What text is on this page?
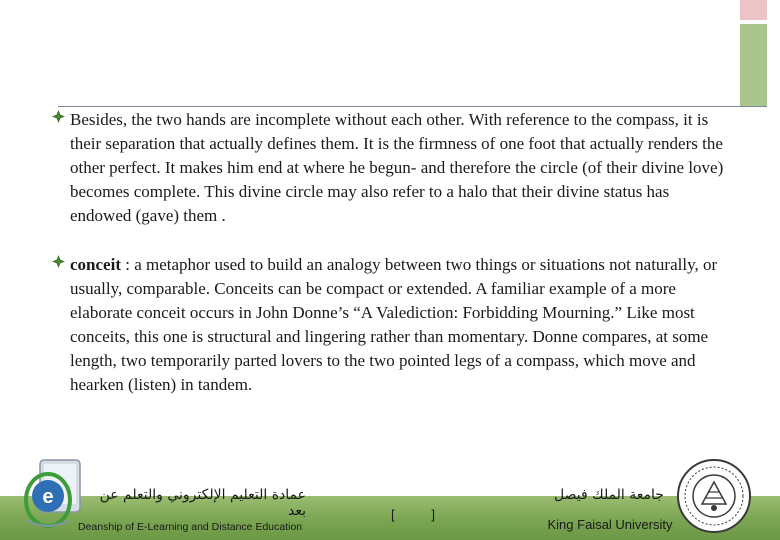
Besides, the two hands are incomplete without each other. With reference to the compass, it is their separation that actually defines them. It is the firmness of one foot that actually renders the other perfect. It makes him end at where he begun- and therefore the circle (of their divine love) becomes complete. This divine circle may also refer to a halo that their divine status has endowed (gave) them .

conceit : a metaphor used to build an analogy between two things or situations not naturally, or usually, comparable. Conceits can be compact or extended. A familiar example of a more elaborate conceit occurs in John Donne’s “A Valediction: Forbidding Mourning.” Like most conceits, this one is structural and lingering rather than momentary. Donne compares, at some length, two temporarily parted lovers to the two pointed legs of a compass, which move and hearken (listen) in tandem.

e	عمادة التعليم الإلكتروني والتعلم عن بعد
Deanship of E-Learning and Distance Education
[	]
جامعة الملك فيصل
King Faisal University
